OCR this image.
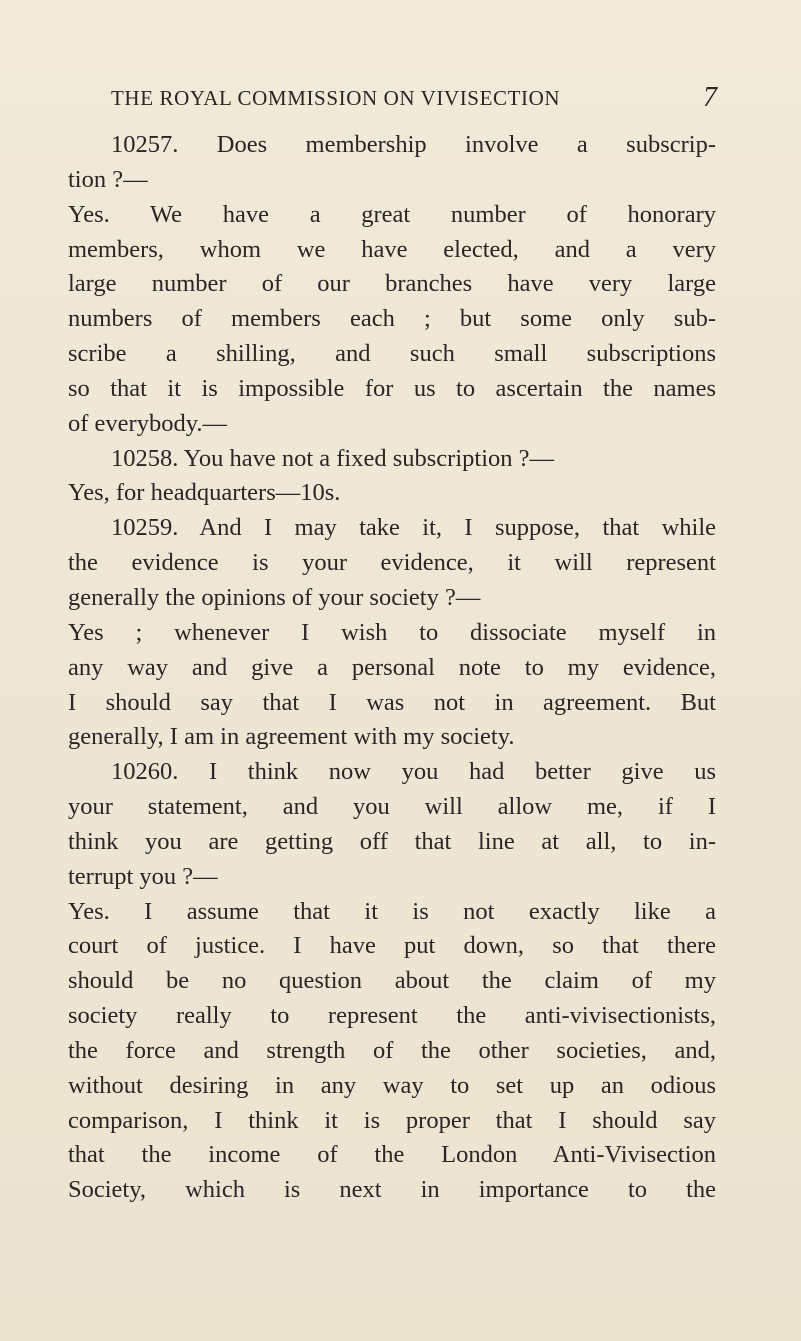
THE ROYAL COMMISSION ON VIVISECTION	7
10257. Does membership involve a subscrip-
tion ?—
Yes. We have a great number of honorary
members, whom we have elected, and a very
large number of our branches have very large
numbers of members each ; but some only sub-
scribe a shilling, and such small subscriptions
so that it is impossible for us to ascertain the names
of everybody.—
10258. You have not a fixed subscription ?—
Yes, for headquarters—10s.
10259. And I may take it, I suppose, that while
the evidence is your evidence, it will represent
generally the opinions of your society ?—
Yes ; whenever I wish to dissociate myself in
any way and give a personal note to my evidence,
I should say that I was not in agreement. But
generally, I am in agreement with my society.
10260. I think now you had better give us
your statement, and you will allow me, if I
think you are getting off that line at all, to in-
terrupt you ?—
Yes. I assume that it is not exactly like a
court of justice. I have put down, so that there
should be no question about the claim of my
society really to represent the anti-vivisectionists,
the force and strength of the other societies, and,
without desiring in any way to set up an odious
comparison, I think it is proper that I should say
that the income of the London Anti-Vivisection
Society, which is next in importance to the
